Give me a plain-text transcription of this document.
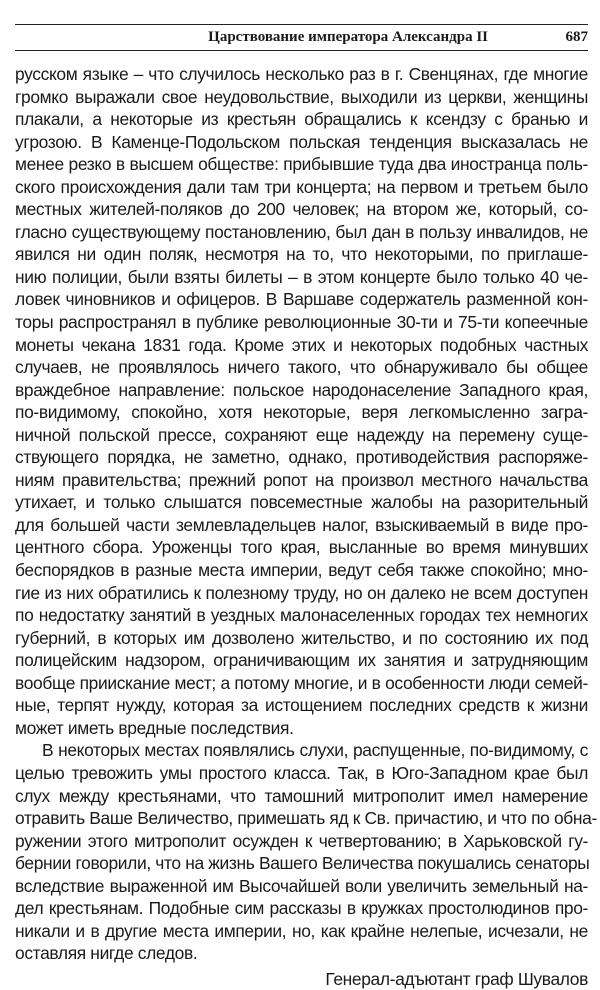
Царствование императора Александра II	687
русском языке – что случилось несколько раз в г. Свенцянах, где многие
громко выражали свое неудовольствие, выходили из церкви, женщины
плакали, а некоторые из крестьян обращались к ксендзу с бранью и
угрозою. В Каменце-Подольском польская тенденция высказалась не
менее резко в высшем обществе: прибывшие туда два иностранца поль-
ского происхождения дали там три концерта; на первом и третьем было
местных жителей-поляков до 200 человек; на втором же, который, со-
гласно существующему постановлению, был дан в пользу инвалидов, не
явился ни один поляк, несмотря на то, что некоторыми, по приглаше-
нию полиции, были взяты билеты – в этом концерте было только 40 че-
ловек чиновников и офицеров. В Варшаве содержатель разменной кон-
торы распространял в публике революционные 30-ти и 75-ти копеечные
монеты чекана 1831 года. Кроме этих и некоторых подобных частных
случаев, не проявлялось ничего такого, что обнаруживало бы общее
враждебное направление: польское народонаселение Западного края,
по-видимому, спокойно, хотя некоторые, веря легкомысленно загра-
ничной польской прессе, сохраняют еще надежду на перемену суще-
ствующего порядка, не заметно, однако, противодействия распоряже-
ниям правительства; прежний ропот на произвол местного начальства
утихает, и только слышатся повсеместные жалобы на разорительный
для большей части землевладельцев налог, взыскиваемый в виде про-
центного сбора. Уроженцы того края, высланные во время минувших
беспорядков в разные места империи, ведут себя также спокойно; мно-
гие из них обратились к полезному труду, но он далеко не всем доступен
по недостатку занятий в уездных малонаселенных городах тех немногих
губерний, в которых им дозволено жительство, и по состоянию их под
полицейским надзором, ограничивающим их занятия и затрудняющим
вообще приискание мест; а потому многие, и в особенности люди семей-
ные, терпят нужду, которая за истощением последних средств к жизни
может иметь вредные последствия.
В некоторых местах появлялись слухи, распущенные, по-видимому, с
целью тревожить умы простого класса. Так, в Юго-Западном крае был
слух между крестьянами, что тамошний митрополит имел намерение
отравить Ваше Величество, примешать яд к Св. причастию, и что по обна-
ружении этого митрополит осужден к четвертованию; в Харьковской гу-
бернии говорили, что на жизнь Вашего Величества покушались сенаторы
вследствие выраженной им Высочайшей воли увеличить земельный на-
дел крестьянам. Подобные сим рассказы в кружках простолюдинов про-
никали и в другие места империи, но, как крайне нелепые, исчезали, не
оставляя нигде следов.
Генерал-адъютант граф Шувалов
